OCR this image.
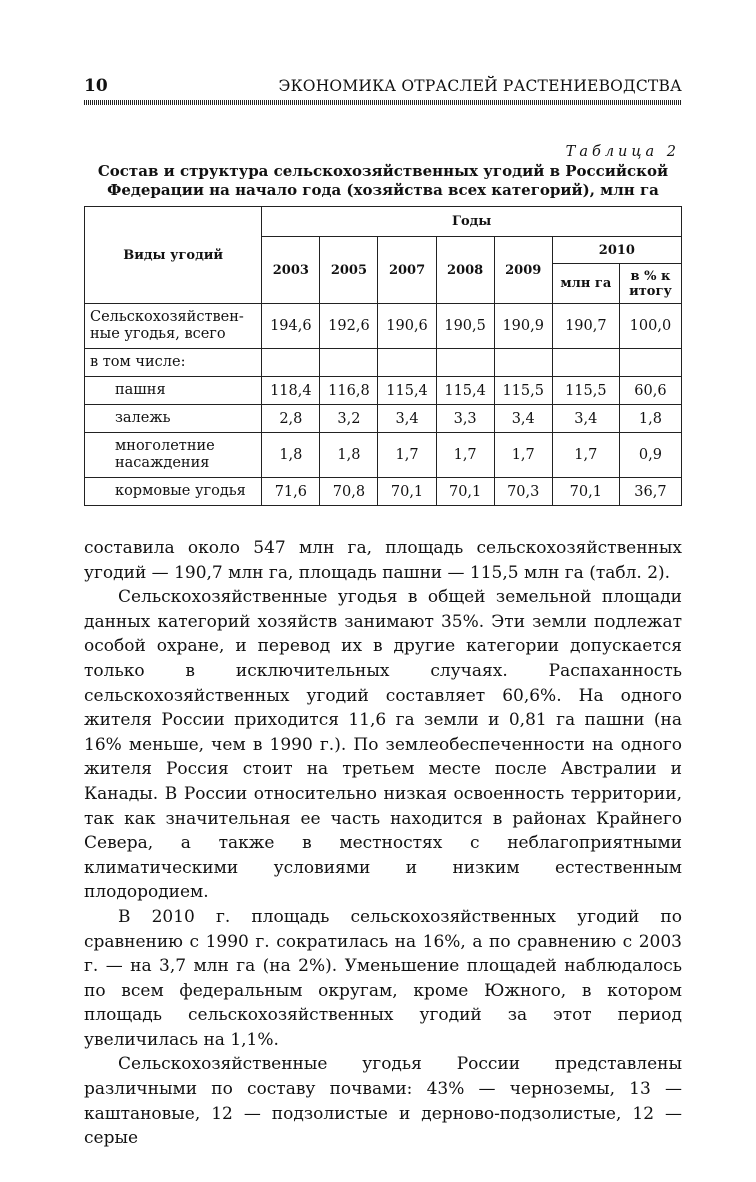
10	ЭКОНОМИКА ОТРАСЛЕЙ РАСТЕНИЕВОДСТВА
Таблица 2
Состав и структура сельскохозяйственных угодий в Российской
Федерации на начало года (хозяйства всех категорий), млн га
Виды угодий	Годы						
	2003	2005	2007	2008	2009	2010	
						млн га	в % к
итогу

Сельскохозяйствен-
ные угодья, всего	194,6	192,6	190,6	190,5	190,9	190,7	100,0
в том числе:							
пашня	118,4	116,8	115,4	115,4	115,5	115,5	60,6
залежь	2,8	3,2	3,4	3,3	3,4	3,4	1,8

многолетние
насаждения	1,8	1,8	1,7	1,7	1,7	1,7	0,9
кормовые угодья	71,6	70,8	70,1	70,1	70,3	70,1	36,7

составила около 547 млн га, площадь сельскохозяйственных угодий — 190,7 млн га, площадь пашни — 115,5 млн га (табл. 2).

Сельскохозяйственные угодья в общей земельной площади данных категорий хозяйств занимают 35%. Эти земли подлежат особой охране, и перевод их в другие категории допускается только в исключительных случаях. Распаханность сельскохозяйственных угодий составляет 60,6%. На одного жителя России приходится 11,6 га земли и 0,81 га пашни (на 16% меньше, чем в 1990 г.). По землеобеспеченности на одного жителя Россия стоит на третьем месте после Австралии и Канады. В России относительно низкая освоенность территории, так как значительная ее часть находится в районах Крайнего Севера, а также в местностях с неблагоприятными климатическими условиями и низким естественным плодородием.

В 2010 г. площадь сельскохозяйственных угодий по сравнению с 1990 г. сократилась на 16%, а по сравнению с 2003 г. — на 3,7 млн га (на 2%). Уменьшение площадей наблюдалось по всем федеральным округам, кроме Южного, в котором площадь сельскохозяйственных угодий за этот период увеличилась на 1,1%.

Сельскохозяйственные угодья России представлены различными по составу почвами: 43% — черноземы, 13 — каштановые, 12 — подзолистые и дерново-подзолистые, 12 — серые
